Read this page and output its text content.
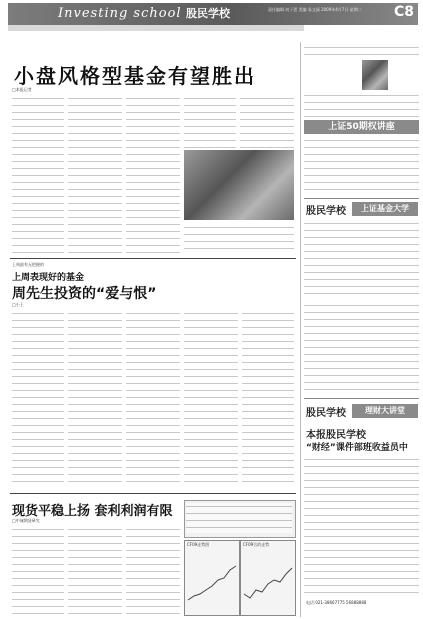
Investing school 股民学校	责任编辑 何子恩 美编 易文丽 2009年4月7日 星期二	C8
小盘风格型基金有望胜出
□本报记者
上周最有无把握的
上周表现好的基金
周先生投资的“爱与恨”
□小王
现货平稳上扬 套利利润有限
□中诚期货研究
CF09走势图	CF09合约走势
上证50期权讲座
股民学校	上证基金大学
股民学校	理财大讲堂
本报股民学校
“财经”课件部班收益员中
电话:021-38667775 56888888
